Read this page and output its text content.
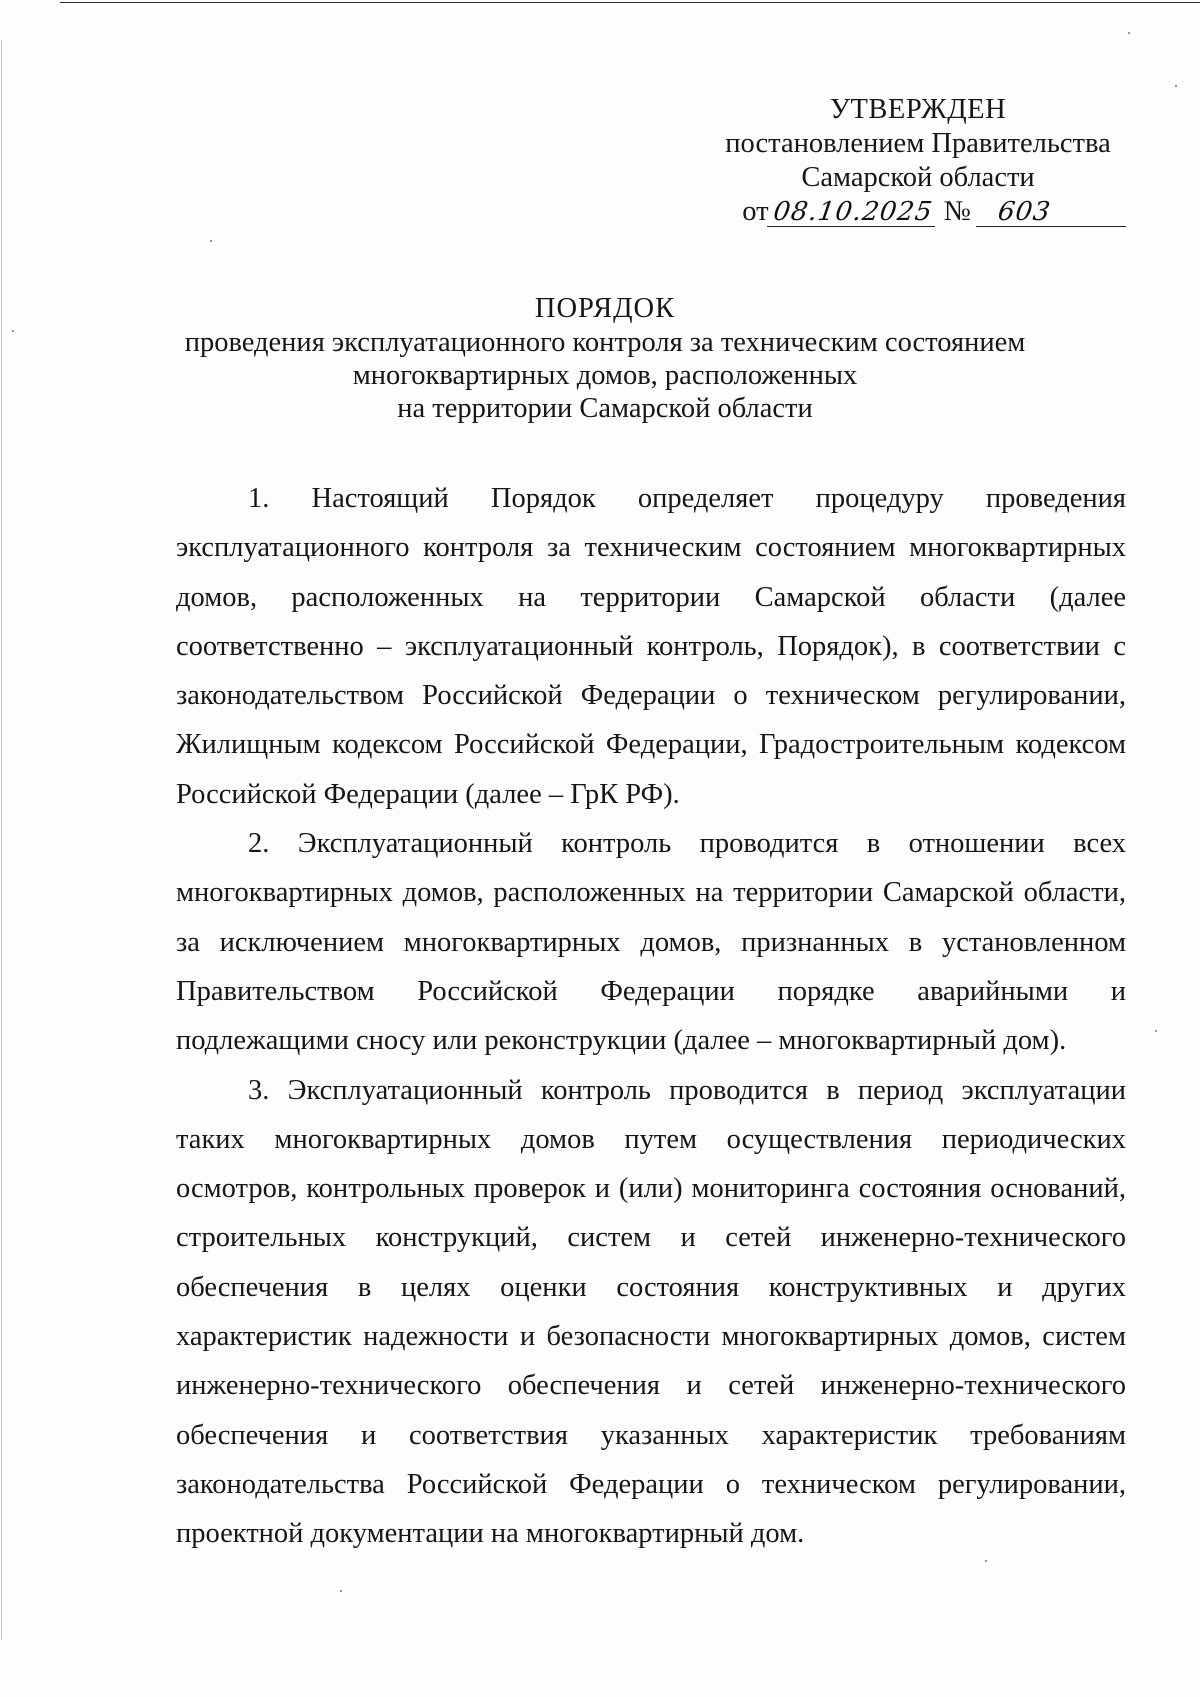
УТВЕРЖДЕН
постановлением Правительства
Самарской области
от08.10.2025 № 603
ПОРЯДОК
проведения эксплуатационного контроля за техническим состоянием
многоквартирных домов, расположенных
на территории Самарской области

1. Настоящий Порядок определяет процедуру проведения эксплуатационного контроля за техническим состоянием многоквартирных домов, расположенных на территории Самарской области (далее соответственно – эксплуатационный контроль, Порядок), в соответствии с законодательством Российской Федерации о техническом регулировании, Жилищным кодексом Российской Федерации, Градостроительным кодексом Российской Федерации (далее – ГрК РФ).

2. Эксплуатационный контроль проводится в отношении всех многоквартирных домов, расположенных на территории Самарской области, за исключением многоквартирных домов, признанных в установленном Правительством Российской Федерации порядке аварийными и подлежащими сносу или реконструкции (далее – многоквартирный дом).

3. Эксплуатационный контроль проводится в период эксплуатации таких многоквартирных домов путем осуществления периодических осмотров, контрольных проверок и (или) мониторинга состояния оснований, строительных конструкций, систем и сетей инженерно-технического обеспечения в целях оценки состояния конструктивных и других характеристик надежности и безопасности многоквартирных домов, систем инженерно-технического обеспечения и сетей инженерно-технического обеспечения и соответствия указанных характеристик требованиям законодательства Российской Федерации о техническом регулировании, проектной документации на многоквартирный дом.
